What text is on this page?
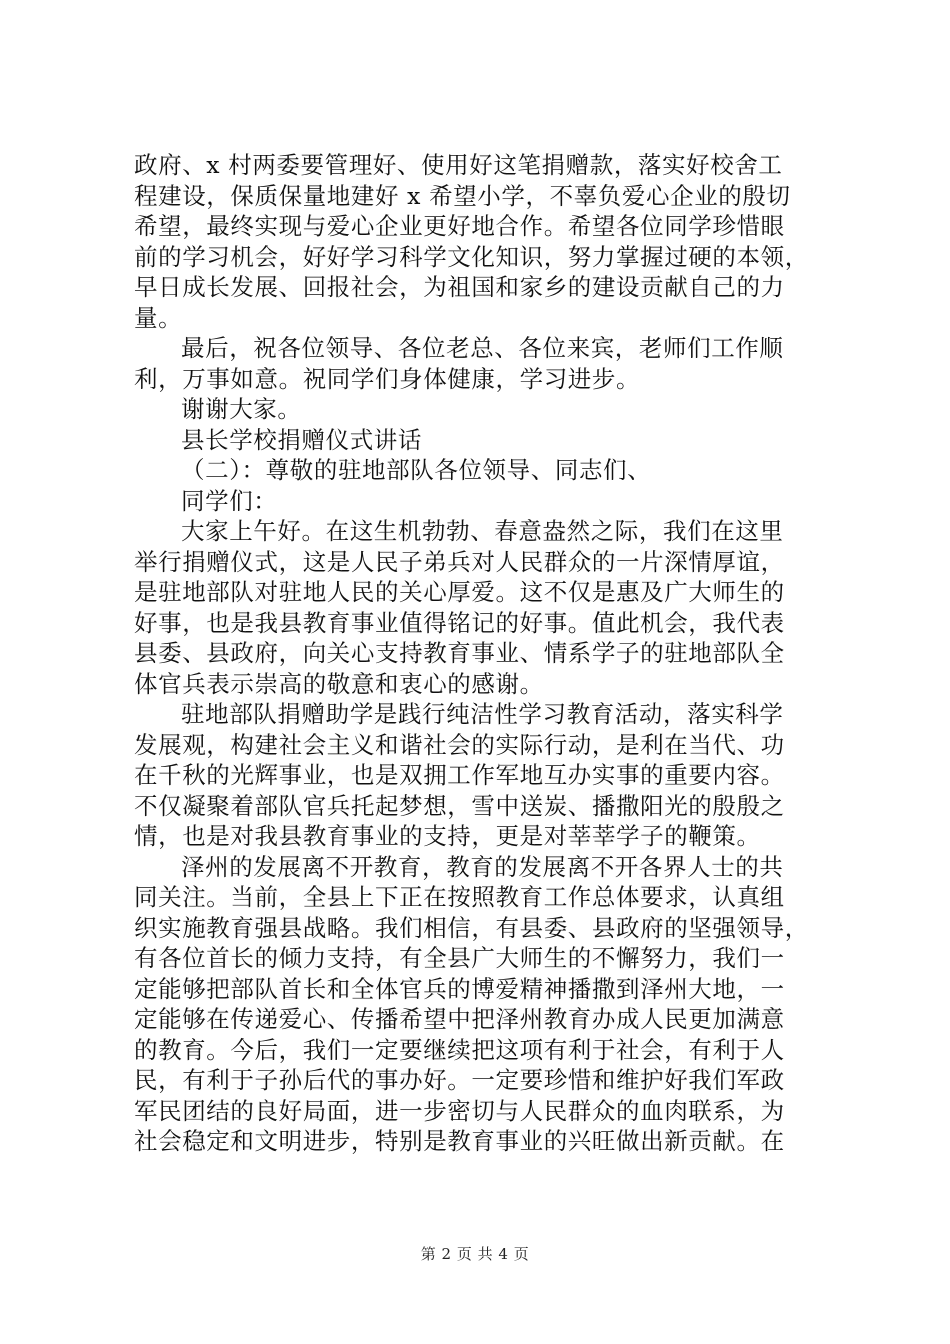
政府、x 村两委要管理好、使用好这笔捐赠款，落实好校舍工
程建设，保质保量地建好 x 希望小学，不辜负爱心企业的殷切
希望，最终实现与爱心企业更好地合作。希望各位同学珍惜眼
前的学习机会，好好学习科学文化知识，努力掌握过硬的本领，
早日成长发展、回报社会，为祖国和家乡的建设贡献自己的力
量。
最后，祝各位领导、各位老总、各位来宾，老师们工作顺
利，万事如意。祝同学们身体健康，学习进步。
谢谢大家。
县长学校捐赠仪式讲话
（二）：尊敬的驻地部队各位领导、同志们、
同学们：
大家上午好。在这生机勃勃、春意盎然之际，我们在这里
举行捐赠仪式，这是人民子弟兵对人民群众的一片深情厚谊，
是驻地部队对驻地人民的关心厚爱。这不仅是惠及广大师生的
好事，也是我县教育事业值得铭记的好事。值此机会，我代表
县委、县政府，向关心支持教育事业、情系学子的驻地部队全
体官兵表示崇高的敬意和衷心的感谢。
驻地部队捐赠助学是践行纯洁性学习教育活动，落实科学
发展观，构建社会主义和谐社会的实际行动，是利在当代、功
在千秋的光辉事业，也是双拥工作军地互办实事的重要内容。
不仅凝聚着部队官兵托起梦想，雪中送炭、播撒阳光的殷殷之
情，也是对我县教育事业的支持，更是对莘莘学子的鞭策。
泽州的发展离不开教育，教育的发展离不开各界人士的共
同关注。当前，全县上下正在按照教育工作总体要求，认真组
织实施教育强县战略。我们相信，有县委、县政府的坚强领导，
有各位首长的倾力支持，有全县广大师生的不懈努力，我们一
定能够把部队首长和全体官兵的博爱精神播撒到泽州大地，一
定能够在传递爱心、传播希望中把泽州教育办成人民更加满意
的教育。今后，我们一定要继续把这项有利于社会，有利于人
民，有利于子孙后代的事办好。一定要珍惜和维护好我们军政
军民团结的良好局面，进一步密切与人民群众的血肉联系，为
社会稳定和文明进步，特别是教育事业的兴旺做出新贡献。在
第 2 页 共 4 页
